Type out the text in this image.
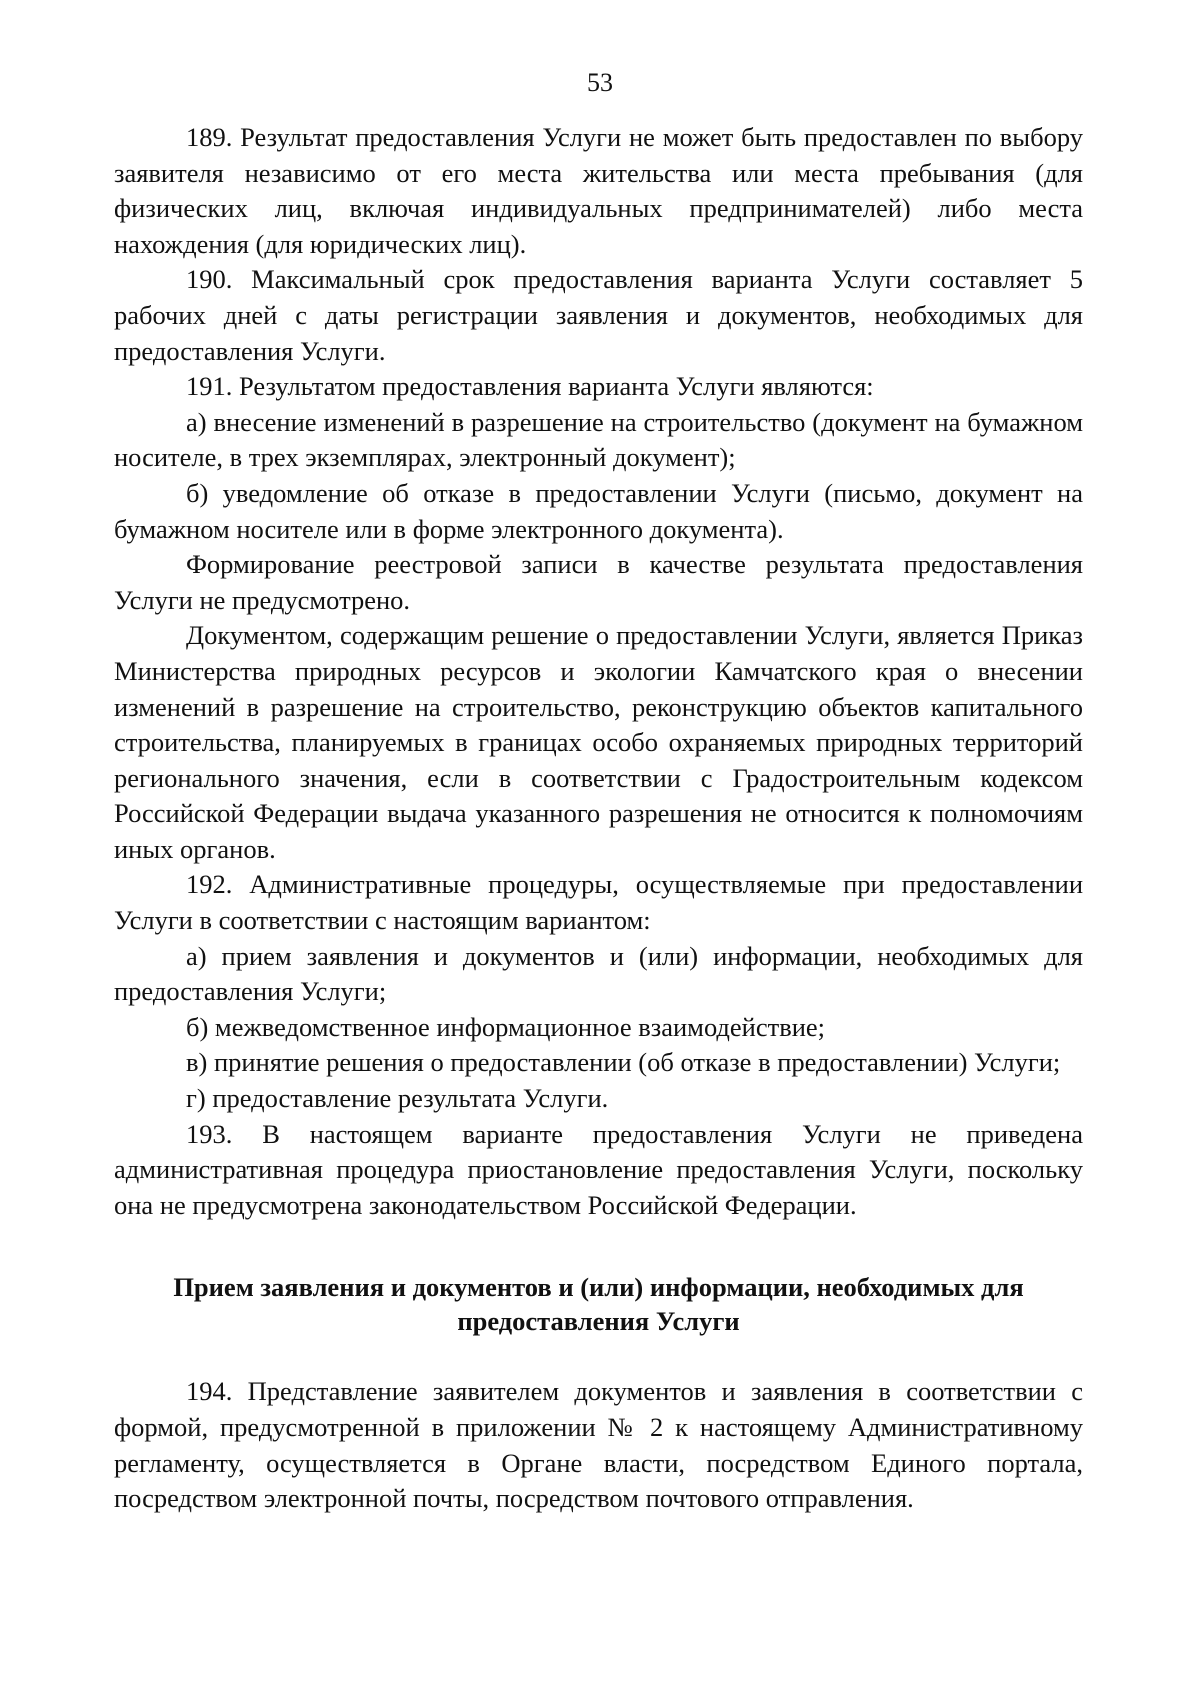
53

189. Результат предоставления Услуги не может быть предоставлен по выбору заявителя независимо от его места жительства или места пребывания (для физических лиц, включая индивидуальных предпринимателей) либо места нахождения (для юридических лиц).

190. Максимальный срок предоставления варианта Услуги составляет 5 рабочих дней с даты регистрации заявления и документов, необходимых для предоставления Услуги.

191. Результатом предоставления варианта Услуги являются:

а) внесение изменений в разрешение на строительство (документ на бумажном носителе, в трех экземплярах, электронный документ);

б) уведомление об отказе в предоставлении Услуги (письмо, документ на бумажном носителе или в форме электронного документа).

Формирование реестровой записи в качестве результата предоставления Услуги не предусмотрено.

Документом, содержащим решение о предоставлении Услуги, является Приказ Министерства природных ресурсов и экологии Камчатского края о внесении изменений в разрешение на строительство, реконструкцию объектов капитального строительства, планируемых в границах особо охраняемых природных территорий регионального значения, если в соответствии с Градостроительным кодексом Российской Федерации выдача указанного разрешения не относится к полномочиям иных органов.

192. Административные процедуры, осуществляемые при предоставлении Услуги в соответствии с настоящим вариантом:

а) прием заявления и документов и (или) информации, необходимых для предоставления Услуги;

б) межведомственное информационное взаимодействие;

в) принятие решения о предоставлении (об отказе в предоставлении) Услуги;

г) предоставление результата Услуги.

193. В настоящем варианте предоставления Услуги не приведена административная процедура приостановление предоставления Услуги, поскольку она не предусмотрена законодательством Российской Федерации.

Прием заявления и документов и (или) информации, необходимых для
предоставления Услуги

194. Представление заявителем документов и заявления в соответствии с формой, предусмотренной в приложении № 2 к настоящему Административному регламенту, осуществляется в Органе власти, посредством Единого портала, посредством электронной почты, посредством почтового отправления.
